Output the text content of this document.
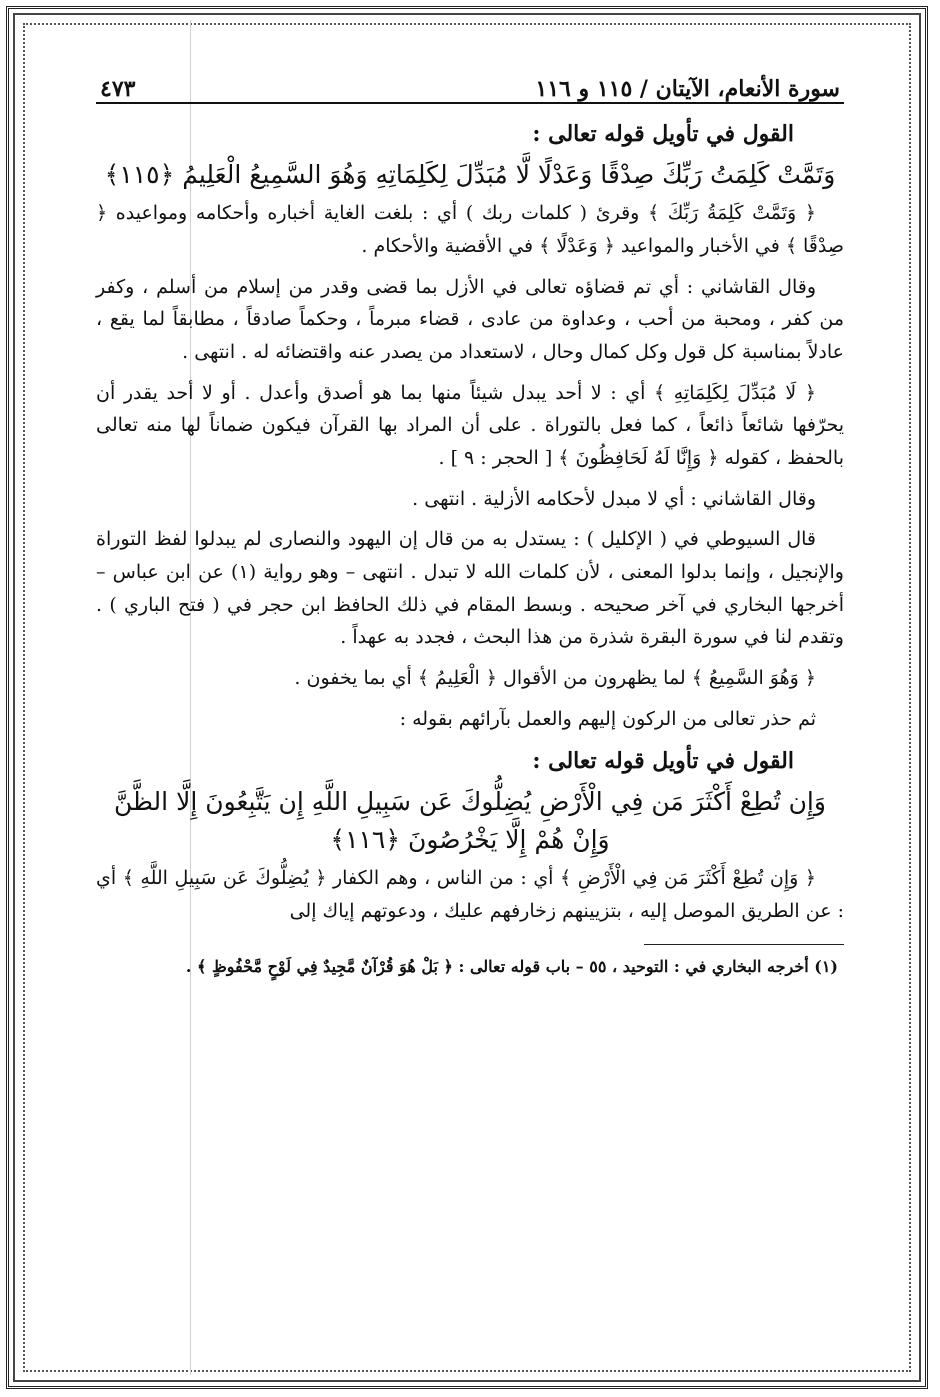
سورة الأنعام، الآيتان / ١١٥ و ١١٦
٤٧٣
القول في تأويل قوله تعالى :
وَتَمَّتْ كَلِمَتُ رَبِّكَ صِدْقًا وَعَدْلًا لَّا مُبَدِّلَ لِكَلِمَاتِهِ وَهُوَ السَّمِيعُ الْعَلِيمُ ﴿١١٥﴾

﴿ وَتَمَّتْ كَلِمَةُ رَبِّكَ ﴾ وقرئ ( كلمات ربك ) أي : بلغت الغاية أخباره وأحكامه ومواعيده ﴿ صِدْقًا ﴾ في الأخبار والمواعيد ﴿ وَعَدْلًا ﴾ في الأقضية والأحكام .

وقال القاشاني : أي تم قضاؤه تعالى في الأزل بما قضى وقدر من إسلام من أسلم ، وكفر من كفر ، ومحبة من أحب ، وعداوة من عادى ، قضاء مبرماً ، وحكماً صادقاً ، مطابقاً لما يقع ، عادلاً بمناسبة كل قول وكل كمال وحال ، لاستعداد من يصدر عنه واقتضائه له . انتهى .

﴿ لَا مُبَدِّلَ لِكَلِمَاتِهِ ﴾ أي : لا أحد يبدل شيئاً منها بما هو أصدق وأعدل . أو لا أحد يقدر أن يحرّفها شائعاً ذائعاً ، كما فعل بالتوراة . على أن المراد بها القرآن فيكون ضماناً لها منه تعالى بالحفظ ، كقوله ﴿ وَإِنَّا لَهُ لَحَافِظُونَ ﴾ [ الحجر : ٩ ] .

وقال القاشاني : أي لا مبدل لأحكامه الأزلية . انتهى .

قال السيوطي في ( الإكليل ) : يستدل به من قال إن اليهود والنصارى لم يبدلوا لفظ التوراة والإنجيل ، وإنما بدلوا المعنى ، لأن كلمات الله لا تبدل . انتهى – وهو رواية (١) عن ابن عباس – أخرجها البخاري في آخر صحيحه . وبسط المقام في ذلك الحافظ ابن حجر في ( فتح الباري ) . وتقدم لنا في سورة البقرة شذرة من هذا البحث ، فجدد به عهداً .

﴿ وَهُوَ السَّمِيعُ ﴾ لما يظهرون من الأقوال ﴿ الْعَلِيمُ ﴾ أي بما يخفون .

ثم حذر تعالى من الركون إليهم والعمل بآرائهم بقوله :

القول في تأويل قوله تعالى :
وَإِن تُطِعْ أَكْثَرَ مَن فِي الْأَرْضِ يُضِلُّوكَ عَن سَبِيلِ اللَّهِ إِن يَتَّبِعُونَ إِلَّا الظَّنَّ
وَإِنْ هُمْ إِلَّا يَخْرُصُونَ ﴿١١٦﴾

﴿ وَإِن تُطِعْ أَكْثَرَ مَن فِي الْأَرْضِ ﴾ أي : من الناس ، وهم الكفار ﴿ يُضِلُّوكَ عَن سَبِيلِ اللَّهِ ﴾ أي : عن الطريق الموصل إليه ، بتزيينهم زخارفهم عليك ، ودعوتهم إياك إلى

(١) أخرجه البخاري في : التوحيد ، ٥٥ – باب قوله تعالى : ﴿ بَلْ هُوَ قُرْآنٌ مَّجِيدٌ فِي لَوْحٍ مَّحْفُوظٍ ﴾ .
